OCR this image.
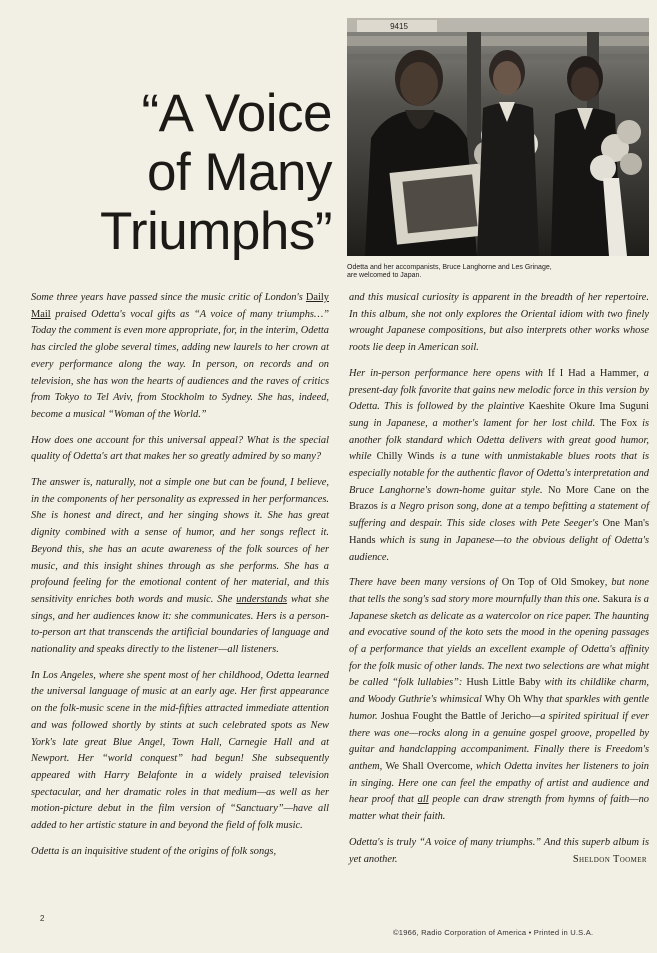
“A Voice
of Many
Triumphs”
9415
Odetta and her accompanists, Bruce Langhorne and Les Grinage,
are welcomed to Japan.

Some three years have passed since the music critic of London's Daily Mail praised Odetta's vocal gifts as “A voice of many triumphs…” Today the comment is even more appropriate, for, in the interim, Odetta has circled the globe several times, adding new laurels to her crown at every performance along the way. In person, on records and on television, she has won the hearts of audiences and the raves of critics from Tokyo to Tel Aviv, from Stockholm to Sydney. She has, indeed, become a musical “Woman of the World.”

How does one account for this universal appeal? What is the special quality of Odetta's art that makes her so greatly admired by so many?

The answer is, naturally, not a simple one but can be found, I believe, in the components of her personality as expressed in her performances. She is honest and direct, and her singing shows it. She has great dignity combined with a sense of humor, and her songs reflect it. Beyond this, she has an acute awareness of the folk sources of her music, and this insight shines through as she performs. She has a profound feeling for the emotional content of her material, and this sensitivity enriches both words and music. She understands what she sings, and her audiences know it: she communicates. Hers is a person-to-person art that transcends the artificial boundaries of language and nationality and speaks directly to the listener—all listeners.

In Los Angeles, where she spent most of her childhood, Odetta learned the universal language of music at an early age. Her first appearance on the folk-music scene in the mid-fifties attracted immediate attention and was followed shortly by stints at such celebrated spots as New York's late great Blue Angel, Town Hall, Carnegie Hall and at Newport. Her “world conquest” had begun! She subsequently appeared with Harry Belafonte in a widely praised television spectacular, and her dramatic roles in that medium—as well as her motion-picture debut in the film version of “Sanctuary”—have all added to her artistic stature in and beyond the field of folk music.

Odetta is an inquisitive student of the origins of folk songs,

and this musical curiosity is apparent in the breadth of her repertoire. In this album, she not only explores the Oriental idiom with two finely wrought Japanese compositions, but also interprets other works whose roots lie deep in American soil.

Her in-person performance here opens with If I Had a Hammer, a present-day folk favorite that gains new melodic force in this version by Odetta. This is followed by the plaintive Kaeshite Okure Ima Suguni sung in Japanese, a mother's lament for her lost child. The Fox is another folk standard which Odetta delivers with great good humor, while Chilly Winds is a tune with unmistakable blues roots that is especially notable for the authentic flavor of Odetta's interpretation and Bruce Langhorne's down-home guitar style. No More Cane on the Brazos is a Negro prison song, done at a tempo befitting a statement of suffering and despair. This side closes with Pete Seeger's One Man's Hands which is sung in Japanese—to the obvious delight of Odetta's audience.

There have been many versions of On Top of Old Smokey, but none that tells the song's sad story more mournfully than this one. Sakura is a Japanese sketch as delicate as a watercolor on rice paper. The haunting and evocative sound of the koto sets the mood in the opening passages of a performance that yields an excellent example of Odetta's affinity for the folk music of other lands. The next two selections are what might be called “folk lullabies”: Hush Little Baby with its childlike charm, and Woody Guthrie's whimsical Why Oh Why that sparkles with gentle humor. Joshua Fought the Battle of Jericho—a spirited spiritual if ever there was one—rocks along in a genuine gospel groove, propelled by guitar and handclapping accompaniment. Finally there is Freedom's anthem, We Shall Overcome, which Odetta invites her listeners to join in singing. Here one can feel the empathy of artist and audience and hear proof that all people can draw strength from hymns of faith—no matter what their faith.

Odetta's is truly “A voice of many triumphs.” And this superb album is yet another.	Sheldon Toomer

2
©1966, Radio Corporation of America • Printed in U.S.A.
